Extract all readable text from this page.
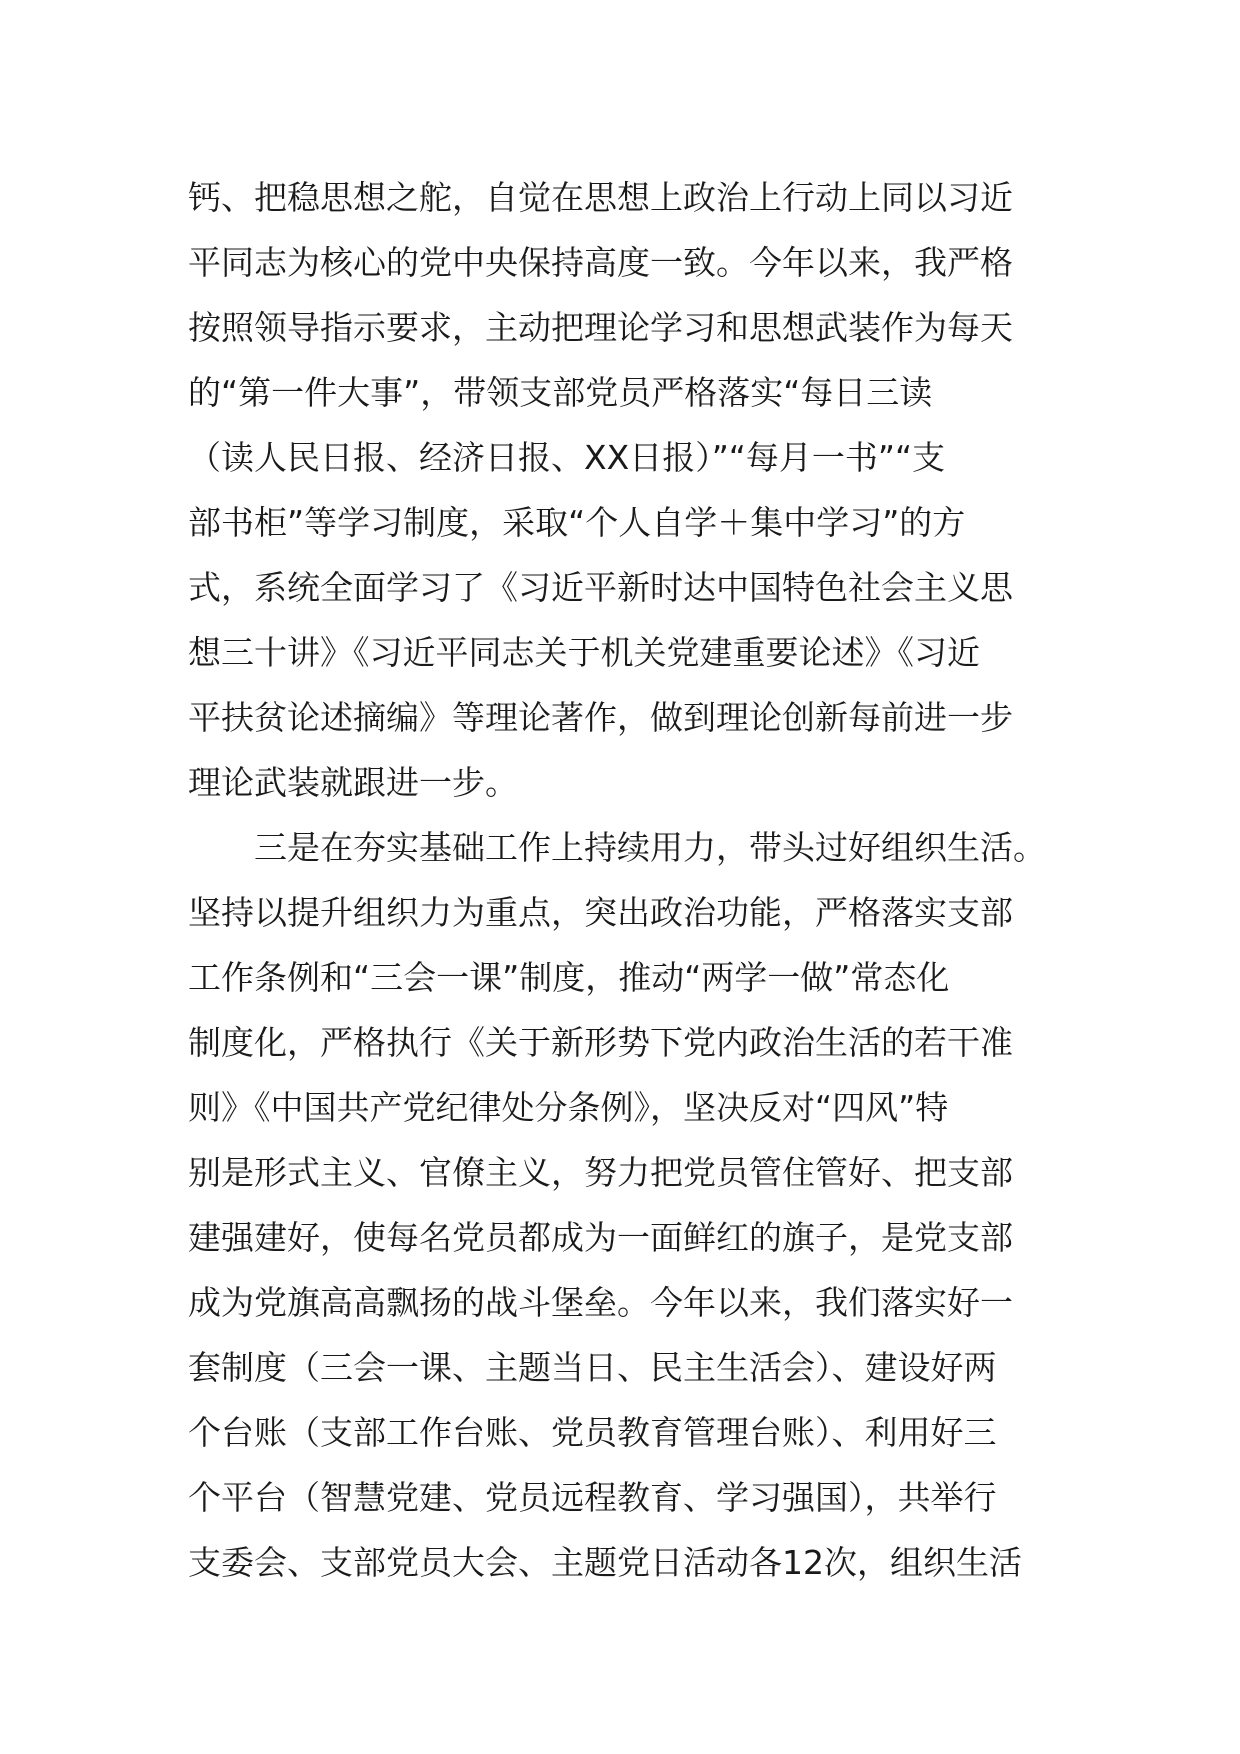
钙、把稳思想之舵，自觉在思想上政治上行动上同以习近
平同志为核心的党中央保持高度一致。今年以来，我严格
按照领导指示要求，主动把理论学习和思想武装作为每天
的“第一件大事”，带领支部党员严格落实“每日三读
（读人民日报、经济日报、XX日报）”“每月一书”“支
部书柜”等学习制度，采取“个人自学＋集中学习”的方
式，系统全面学习了《习近平新时达中国特色社会主义思
想三十讲》《习近平同志关于机关党建重要论述》《习近
平扶贫论述摘编》等理论著作，做到理论创新每前进一步
理论武装就跟进一步。
三是在夯实基础工作上持续用力，带头过好组织生活。
坚持以提升组织力为重点，突出政治功能，严格落实支部
工作条例和“三会一课”制度，推动“两学一做”常态化
制度化，严格执行《关于新形势下党内政治生活的若干准
则》《中国共产党纪律处分条例》，坚决反对“四风”特
别是形式主义、官僚主义，努力把党员管住管好、把支部
建强建好，使每名党员都成为一面鲜红的旗子，是党支部
成为党旗高高飘扬的战斗堡垒。今年以来，我们落实好一
套制度（三会一课、主题当日、民主生活会）、建设好两
个台账（支部工作台账、党员教育管理台账）、利用好三
个平台（智慧党建、党员远程教育、学习强国），共举行
支委会、支部党员大会、主题党日活动各12次，组织生活
